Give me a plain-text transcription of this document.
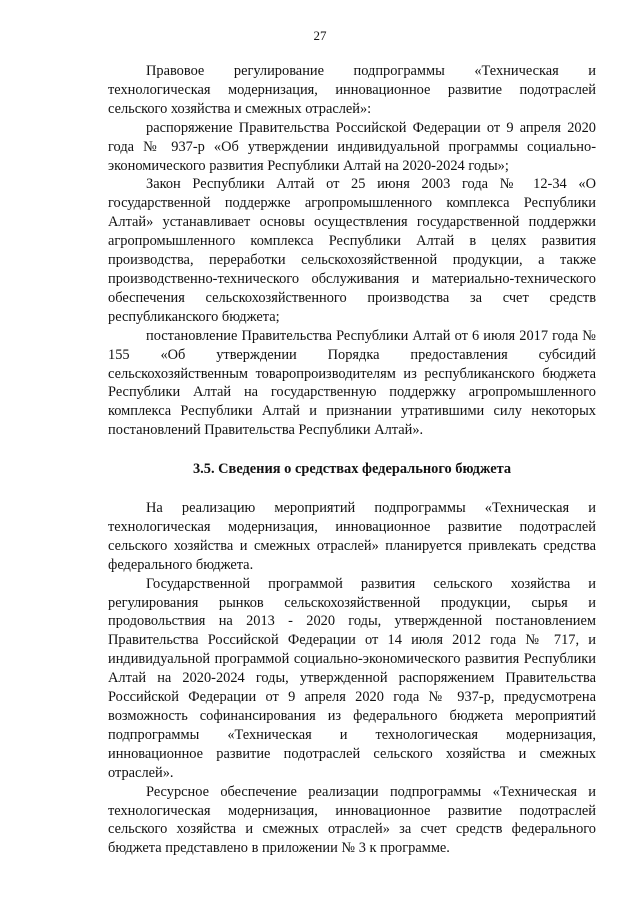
27

Правовое регулирование подпрограммы «Техническая и технологическая модернизация, инновационное развитие подотраслей сельского хозяйства и смежных отраслей»:

распоряжение Правительства Российской Федерации от 9 апреля 2020 года № 937-р «Об утверждении индивидуальной программы социально-экономического развития Республики Алтай на 2020-2024 годы»;

Закон Республики Алтай от 25 июня 2003 года № 12-34 «О государственной поддержке агропромышленного комплекса Республики Алтай» устанавливает основы осуществления государственной поддержки агропромышленного комплекса Республики Алтай в целях развития производства, переработки сельскохозяйственной продукции, а также производственно-технического обслуживания и материально-технического обеспечения сельскохозяйственного производства за счет средств республиканского бюджета;

постановление Правительства Республики Алтай от 6 июля 2017 года № 155 «Об утверждении Порядка предоставления субсидий сельскохозяйственным товаропроизводителям из республиканского бюджета Республики Алтай на государственную поддержку агропромышленного комплекса Республики Алтай и признании утратившими силу некоторых постановлений Правительства Республики Алтай».

3.5. Сведения о средствах федерального бюджета

На реализацию мероприятий подпрограммы «Техническая и технологическая модернизация, инновационное развитие подотраслей сельского хозяйства и смежных отраслей» планируется привлекать средства федерального бюджета.

Государственной программой развития сельского хозяйства и регулирования рынков сельскохозяйственной продукции, сырья и продовольствия на 2013 - 2020 годы, утвержденной постановлением Правительства Российской Федерации от 14 июля 2012 года № 717, и индивидуальной программой социально-экономического развития Республики Алтай на 2020-2024 годы, утвержденной распоряжением Правительства Российской Федерации от 9 апреля 2020 года № 937-р, предусмотрена возможность софинансирования из федерального бюджета мероприятий подпрограммы «Техническая и технологическая модернизация, инновационное развитие подотраслей сельского хозяйства и смежных отраслей».

Ресурсное обеспечение реализации подпрограммы «Техническая и технологическая модернизация, инновационное развитие подотраслей сельского хозяйства и смежных отраслей» за счет средств федерального бюджета представлено в приложении № 3 к программе.
